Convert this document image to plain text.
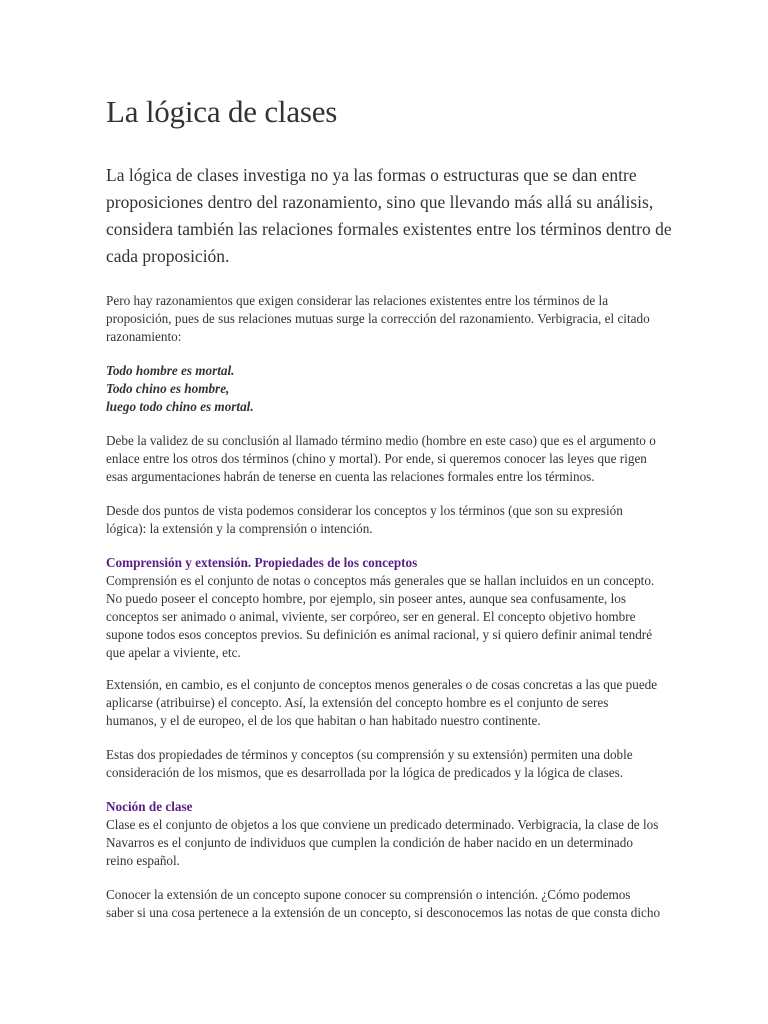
La lógica de clases
La lógica de clases investiga no ya las formas o estructuras que se dan entre
proposiciones dentro del razonamiento, sino que llevando más allá su análisis,
considera también las relaciones formales existentes entre los términos dentro de
cada proposición.
Pero hay razonamientos que exigen considerar las relaciones existentes entre los términos de la
proposición, pues de sus relaciones mutuas surge la corrección del razonamiento. Verbigracia, el citado
razonamiento:
Todo hombre es mortal.
Todo chino es hombre,
luego todo chino es mortal.
Debe la validez de su conclusión al llamado término medio (hombre en este caso) que es el argumento o
enlace entre los otros dos términos (chino y mortal). Por ende, si queremos conocer las leyes que rigen
esas argumentaciones habrán de tenerse en cuenta las relaciones formales entre los términos.
Desde dos puntos de vista podemos considerar los conceptos y los términos (que son su expresión
lógica): la extensión y la comprensión o intención.
Comprensión y extensión. Propiedades de los conceptos
Comprensión es el conjunto de notas o conceptos más generales que se hallan incluidos en un concepto.
No puedo poseer el concepto hombre, por ejemplo, sin poseer antes, aunque sea confusamente, los
conceptos ser animado o animal, viviente, ser corpóreo, ser en general. El concepto objetivo hombre
supone todos esos conceptos previos. Su definición es animal racional, y si quiero definir animal tendré
que apelar a viviente, etc.
Extensión, en cambio, es el conjunto de conceptos menos generales o de cosas concretas a las que puede
aplicarse (atribuirse) el concepto. Así, la extensión del concepto hombre es el conjunto de seres
humanos, y el de europeo, el de los que habitan o han habitado nuestro continente.
Estas dos propiedades de términos y conceptos (su comprensión y su extensión) permiten una doble
consideración de los mismos, que es desarrollada por la lógica de predicados y la lógica de clases.
Noción de clase
Clase es el conjunto de objetos a los que conviene un predicado determinado. Verbigracia, la clase de los
Navarros es el conjunto de individuos que cumplen la condición de haber nacido en un determinado
reino español.
Conocer la extensión de un concepto supone conocer su comprensión o intención. ¿Cómo podemos
saber si una cosa pertenece a la extensión de un concepto, si desconocemos las notas de que consta dicho
